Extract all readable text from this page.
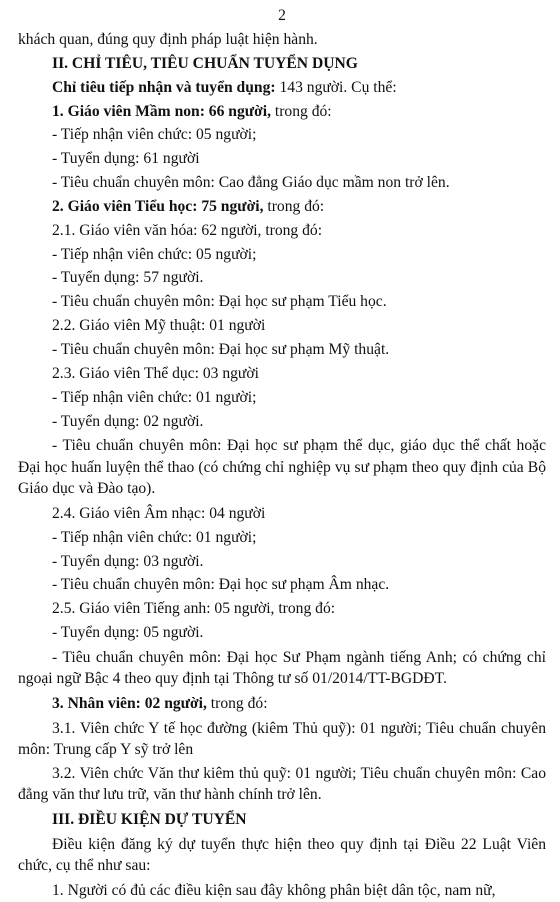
2

khách quan, đúng quy định pháp luật hiện hành.

II. CHỈ TIÊU, TIÊU CHUẨN TUYỂN DỤNG

Chỉ tiêu tiếp nhận và tuyển dụng: 143 người. Cụ thể:

1. Giáo viên Mầm non: 66 người, trong đó:

- Tiếp nhận viên chức: 05 người;

- Tuyển dụng: 61 người

- Tiêu chuẩn chuyên môn: Cao đẳng Giáo dục mầm non trở lên.

2. Giáo viên Tiểu học: 75 người, trong đó:

2.1. Giáo viên văn hóa: 62 người, trong đó:

- Tiếp nhận viên chức: 05 người;

- Tuyển dụng: 57 người.

- Tiêu chuẩn chuyên môn: Đại học sư phạm Tiểu học.

2.2. Giáo viên Mỹ thuật: 01 người

- Tiêu chuẩn chuyên môn: Đại học sư phạm Mỹ thuật.

2.3. Giáo viên Thể dục: 03 người

- Tiếp nhận viên chức: 01 người;

- Tuyển dụng: 02 người.

- Tiêu chuẩn chuyên môn: Đại học sư phạm thể dục, giáo dục thể chất hoặc Đại học huấn luyện thể thao (có chứng chỉ nghiệp vụ sư phạm theo quy định của Bộ Giáo dục và Đào tạo).

2.4. Giáo viên Âm nhạc: 04 người

- Tiếp nhận viên chức: 01 người;

- Tuyển dụng: 03 người.

- Tiêu chuẩn chuyên môn: Đại học sư phạm Âm nhạc.

2.5. Giáo viên Tiếng anh: 05 người, trong đó:

- Tuyển dụng: 05 người.

- Tiêu chuẩn chuyên môn: Đại học Sư Phạm ngành tiếng Anh; có chứng chỉ ngoại ngữ Bậc 4 theo quy định tại Thông tư số 01/2014/TT-BGDĐT.

3. Nhân viên: 02 người, trong đó:

3.1. Viên chức Y tế học đường (kiêm Thủ quỹ): 01 người; Tiêu chuẩn chuyên môn: Trung cấp Y sỹ trở lên

3.2. Viên chức Văn thư kiêm thủ quỹ: 01 người; Tiêu chuẩn chuyên môn: Cao đẳng văn thư lưu trữ, văn thư hành chính trở lên.

III. ĐIỀU KIỆN DỰ TUYỂN

Điều kiện đăng ký dự tuyển thực hiện theo quy định tại Điều 22 Luật Viên chức, cụ thể như sau:

1. Người có đủ các điều kiện sau đây không phân biệt dân tộc, nam nữ,
